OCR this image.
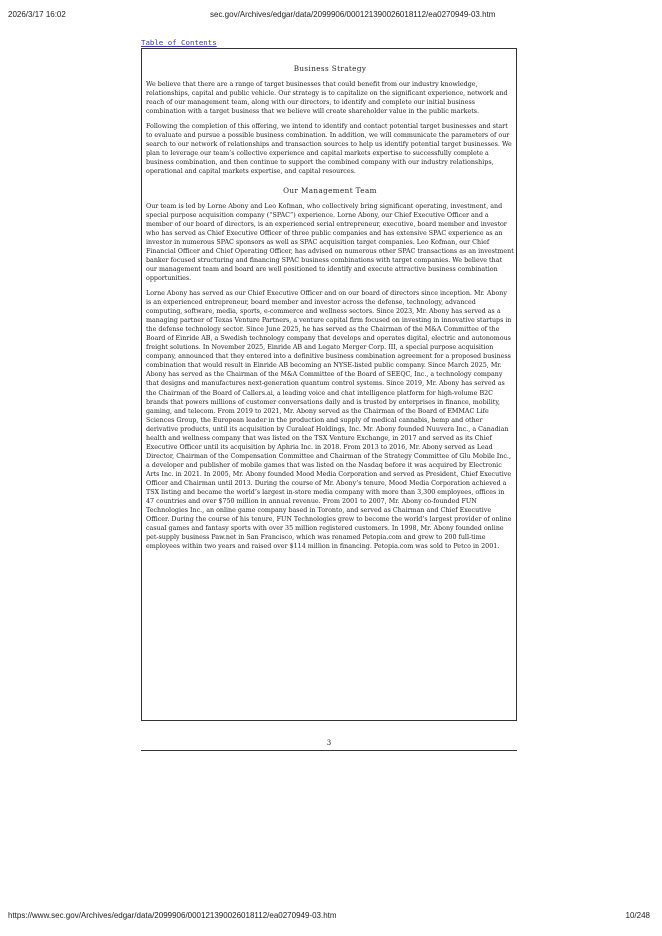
2026/3/17 16:02	sec.gov/Archives/edgar/data/2099906/000121390026018112/ea0270949-03.htm
Table of Contents
Business Strategy

We believe that there are a range of target businesses that could benefit from our industry knowledge, relationships, capital and public vehicle. Our strategy is to capitalize on the significant experience, network and reach of our management team, along with our directors, to identify and complete our initial business combination with a target business that we believe will create shareholder value in the public markets.

Following the completion of this offering, we intend to identify and contact potential target businesses and start to evaluate and pursue a possible business combination. In addition, we will communicate the parameters of our search to our network of relationships and transaction sources to help us identify potential target businesses. We plan to leverage our team’s collective experience and capital markets expertise to successfully complete a business combination, and then continue to support the combined company with our industry relationships, operational and capital markets expertise, and capital resources.

Our Management Team

Our team is led by Lorne Abony and Leo Kofman, who collectively bring significant operating, investment, and special purpose acquisition company (“SPAC”) experience. Lorne Abony, our Chief Executive Officer and a member of our board of directors, is an experienced serial entrepreneur, executive, board member and investor who has served as Chief Executive Officer of three public companies and has extensive SPAC experience as an investor in numerous SPAC sponsors as well as SPAC acquisition target companies. Leo Kofman, our Chief Financial Officer and Chief Operating Officer, has advised on numerous other SPAC transactions as an investment banker focused structuring and financing SPAC business combinations with target companies. We believe that our management team and board are well positioned to identify and execute attractive business combination opportunities.

Lorne Abony has served as our Chief Executive Officer and on our board of directors since inception. Mr. Abony is an experienced entrepreneur, board member and investor across the defense, technology, advanced computing, software, media, sports, e-commerce and wellness sectors. Since 2023, Mr. Abony has served as a managing partner of Texas Venture Partners, a venture capital firm focused on investing in innovative startups in the defense technology sector. Since June 2025, he has served as the Chairman of the M&A Committee of the Board of Einride AB, a Swedish technology company that develops and operates digital, electric and autonomous freight solutions. In November 2025, Einride AB and Legato Merger Corp. III, a special purpose acquisition company, announced that they entered into a definitive business combination agreement for a proposed business combination that would result in Einride AB becoming an NYSE-listed public company. Since March 2025, Mr. Abony has served as the Chairman of the M&A Committee of the Board of SEEQC, Inc., a technology company that designs and manufactures next-generation quantum control systems. Since 2019, Mr. Abony has served as the Chairman of the Board of Callers.ai, a leading voice and chat intelligence platform for high-volume B2C brands that powers millions of customer conversations daily and is trusted by enterprises in finance, mobility, gaming, and telecom. From 2019 to 2021, Mr. Abony served as the Chairman of the Board of EMMAC Life Sciences Group, the European leader in the production and supply of medical cannabis, hemp and other derivative products, until its acquisition by Curaleaf Holdings, Inc. Mr. Abony founded Nuuvera Inc., a Canadian health and wellness company that was listed on the TSX Venture Exchange, in 2017 and served as its Chief Executive Officer until its acquisition by Aphria Inc. in 2018. From 2013 to 2016, Mr. Abony served as Lead Director, Chairman of the Compensation Committee and Chairman of the Strategy Committee of Glu Mobile Inc., a developer and publisher of mobile games that was listed on the Nasdaq before it was acquired by Electronic Arts Inc. in 2021. In 2005, Mr. Abony founded Mood Media Corporation and served as President, Chief Executive Officer and Chairman until 2013. During the course of Mr. Abony’s tenure, Mood Media Corporation achieved a TSX listing and became the world’s largest in-store media company with more than 3,300 employees, offices in 47 countries and over $750 million in annual revenue. From 2001 to 2007, Mr. Abony co-founded FUN Technologies Inc., an online game company based in Toronto, and served as Chairman and Chief Executive Officer. During the course of his tenure, FUN Technologies grew to become the world’s largest provider of online casual games and fantasy sports with over 35 million registered customers. In 1998, Mr. Abony founded online pet-supply business Paw.net in San Francisco, which was renamed Petopia.com and grew to 200 full-time employees within two years and raised over $114 million in financing. Petopia.com was sold to Petco in 2001.

3
https://www.sec.gov/Archives/edgar/data/2099906/000121390026018112/ea0270949-03.htm	10/248
